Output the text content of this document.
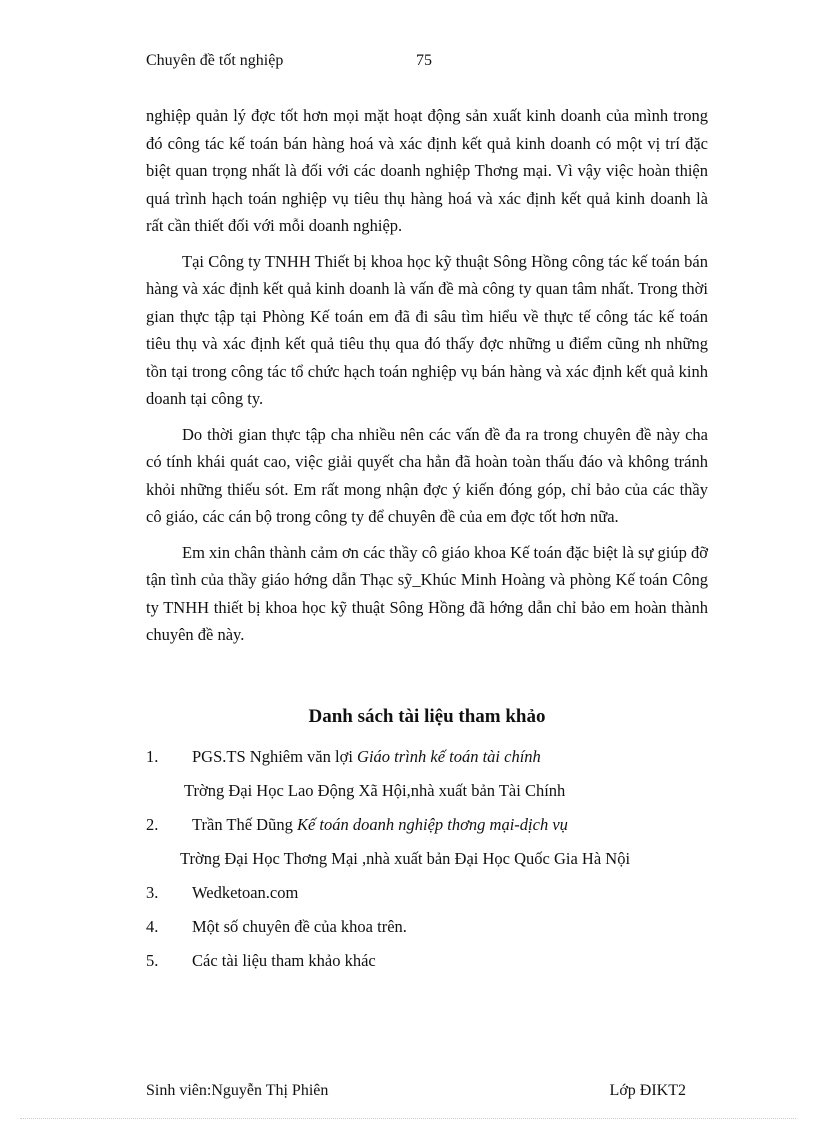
Chuyên đề tốt nghiệp	75

nghiệp quản lý đợc tốt hơn mọi mặt hoạt động sản xuất kinh doanh của mình trong đó công tác kế toán bán hàng hoá và xác định kết quả kinh doanh có một vị trí đặc biệt quan trọng nhất là đối với các doanh nghiệp Thơng mại. Vì vậy việc hoàn thiện quá trình hạch toán nghiệp vụ tiêu thụ hàng hoá và xác định kết quả kinh doanh là rất cần thiết đối với mỗi doanh nghiệp.

Tại Công ty TNHH Thiết bị khoa học kỹ thuật Sông Hồng công tác kế toán bán hàng và xác định kết quả kinh doanh là vấn đề mà công ty quan tâm nhất. Trong thời gian thực tập tại Phòng Kế toán em đã đi sâu tìm hiểu về thực tế công tác kế toán tiêu thụ và xác định kết quả tiêu thụ qua đó thấy đợc những u điểm cũng nh những tồn tại trong công tác tổ chức hạch toán nghiệp vụ bán hàng và xác định kết quả kinh doanh tại công ty.

Do thời gian thực tập cha nhiều nên các vấn đề đa ra trong chuyên đề này cha có tính khái quát cao, việc giải quyết cha hẳn đã hoàn toàn thấu đáo và không tránh khỏi những thiếu sót. Em rất mong nhận đợc ý kiến đóng góp, chỉ bảo của các thầy cô giáo, các cán bộ trong công ty để chuyên đề của em đợc tốt hơn nữa.

Em xin chân thành cảm ơn các thầy cô giáo khoa Kế toán đặc biệt là sự giúp đỡ tận tình của thầy giáo hớng dẫn Thạc sỹ_Khúc Minh Hoàng và phòng Kế toán Công ty TNHH thiết bị khoa học kỹ thuật Sông Hồng đã hớng dẫn chỉ bảo em hoàn thành chuyên đề này.

Danh sách tài liệu tham khảo
1. PGS.TS Nghiêm văn lợi Giáo trình kế toán tài chính
Trờng Đại Học Lao Động Xã Hội,nhà xuất bản Tài Chính
2. Trần Thế Dũng Kế toán doanh nghiệp thơng mại-dịch vụ
Trờng Đại Học Thơng Mại ,nhà xuất bản Đại Học Quốc Gia Hà Nội
3. Wedketoan.com
4. Một số chuyên đề của khoa trên.
5. Các tài liệu tham khảo khác
Sinh viên:Nguyễn Thị Phiên	Lớp ĐIKT2
